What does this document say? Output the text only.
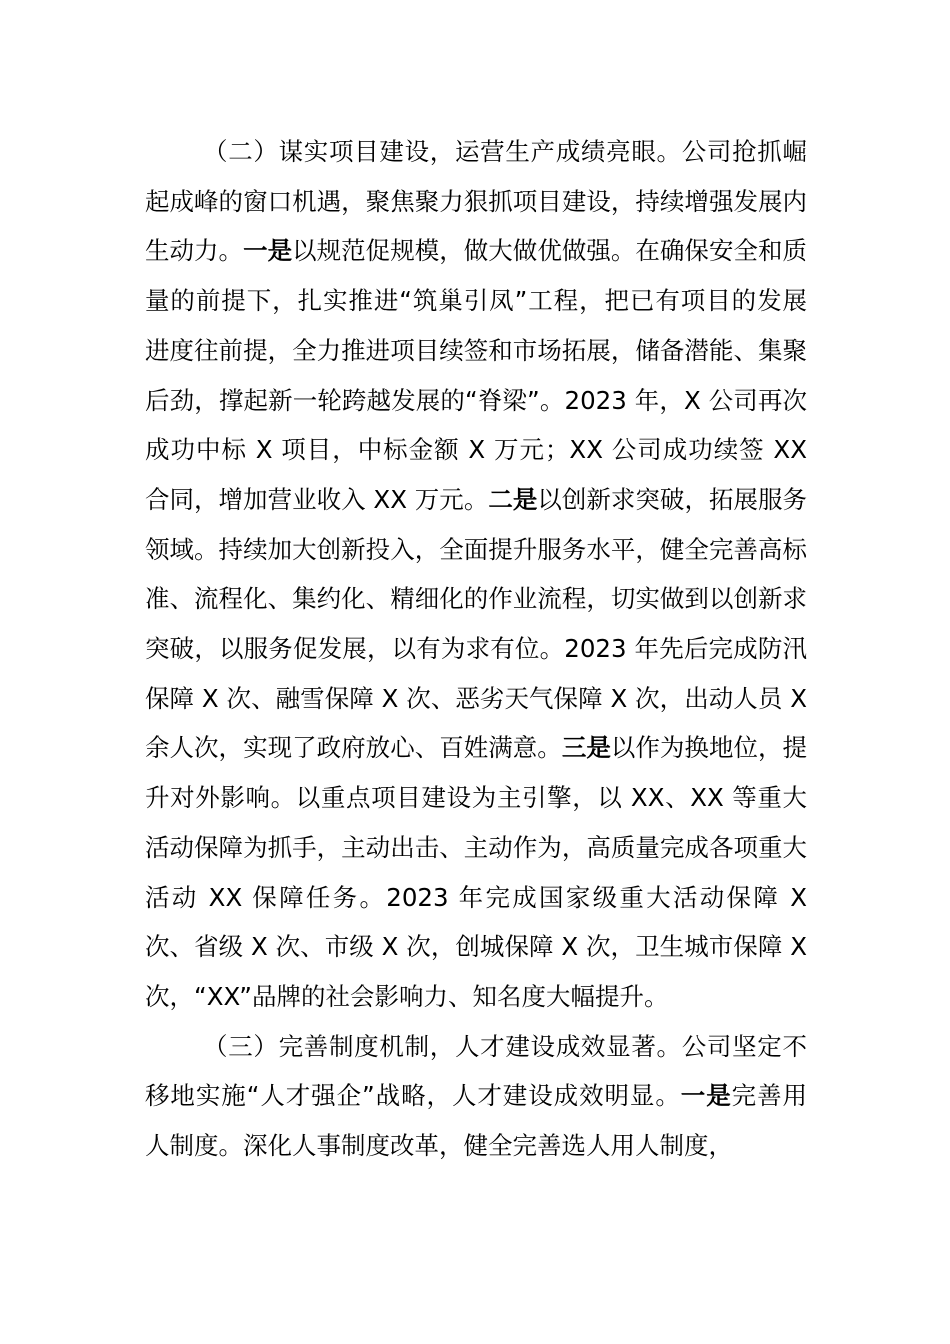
（二）谋实项目建设，运营生产成绩亮眼。公司抢抓崛起成峰的窗口机遇，聚焦聚力狠抓项目建设，持续增强发展内生动力。一是以规范促规模，做大做优做强。在确保安全和质量的前提下，扎实推进“筑巢引凤”工程，把已有项目的发展进度往前提，全力推进项目续签和市场拓展，储备潜能、集聚后劲，撑起新一轮跨越发展的“脊梁”。2023 年，X 公司再次成功中标 X 项目，中标金额 X 万元；XX 公司成功续签 XX 合同，增加营业收入 XX 万元。二是以创新求突破，拓展服务领域。持续加大创新投入，全面提升服务水平，健全完善高标准、流程化、集约化、精细化的作业流程，切实做到以创新求突破，以服务促发展，以有为求有位。2023 年先后完成防汛保障 X 次、融雪保障 X 次、恶劣天气保障 X 次，出动人员 X 余人次，实现了政府放心、百姓满意。三是以作为换地位，提升对外影响。以重点项目建设为主引擎，以 XX、XX 等重大活动保障为抓手，主动出击、主动作为，高质量完成各项重大活动 XX 保障任务。2023 年完成国家级重大活动保障 X 次、省级 X 次、市级 X 次，创城保障 X 次，卫生城市保障 X 次，“XX”品牌的社会影响力、知名度大幅提升。

（三）完善制度机制，人才建设成效显著。公司坚定不移地实施“人才强企”战略，人才建设成效明显。一是完善用人制度。深化人事制度改革，健全完善选人用人制度，
